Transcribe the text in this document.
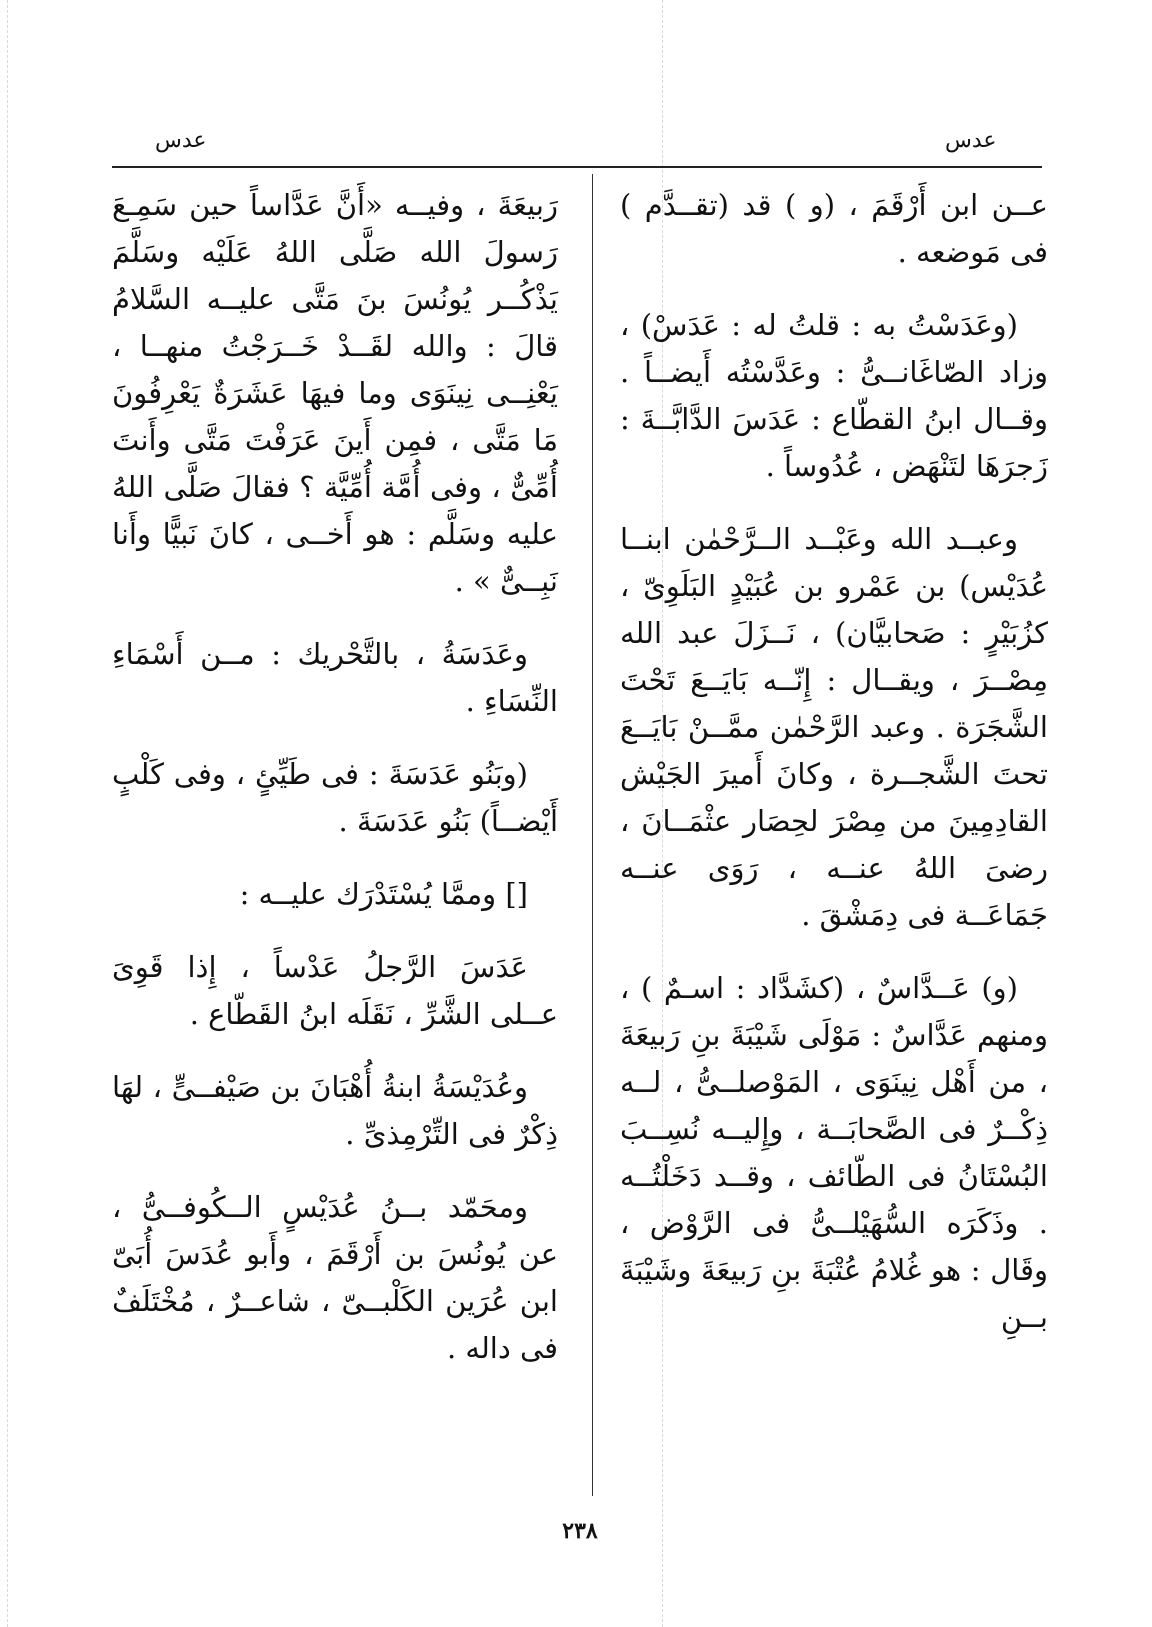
عدس	عدس

عــن ابن أَرْقَمَ ، (و ) قد (تقــدَّم ) فى مَوضعه .

(وعَدَسْتُ به : قلتُ له : عَدَسْ) ، وزاد الصّاغَانــىُّ : وعَدَّسْتُه أَيضــاً . وقــال ابنُ القطّاع : عَدَسَ الدَّابَّــةَ : زَجرَهَا لتَنْهَض ، عُدُوساً .

وعبــد الله وعَبْــد الــرَّحْمٰن ابنــا عُدَيْس) بن عَمْرو بن عُبَيْدٍ البَلَوِىّ ، كزُبَيْرٍ : صَحابيَّان) ، نَــزَلَ عبد الله مِصْــرَ ، ويقــال : إِنّــه بَايَــعَ تَحْتَ الشَّجَرَة . وعبد الرَّحْمٰن ممَّــنْ بَايَــعَ تحتَ الشَّجــرة ، وكانَ أَميرَ الجَيْش القادِمِينَ من مِصْرَ لحِصَار عثْمَــانَ ، رضىَ اللهُ عنــه ، رَوَى عنــه جَمَاعَــة فى دِمَشْقَ .

(و) عَــدَّاسٌ ، (كشَدَّاد : اسـمٌ ) ، ومنهم عَدَّاسٌ : مَوْلَى شَيْبَةَ بنِ رَبيعَةَ ، من أَهْل نِينَوَى ، المَوْصلــىُّ ، لــه ذِكْــرٌ فى الصَّحابَــة ، وإِليــه نُسِــبَ البُسْتَانُ فى الطّائف ، وقــد دَخَلْتُــه . وذَكَرَه السُّهَيْلــىُّ فى الرَّوْض ، وقَال : هو غُلامُ عُتْبَةَ بنِ رَبيعَةَ وشَيْبَةَ بــنِ

رَبيعَةَ ، وفيــه «أَنَّ عَدَّاساً حين سَمِـعَ رَسولَ الله صَلَّى اللهُ عَلَيْه وسَلَّمَ يَذْكُــر يُونُسَ بنَ مَتَّى عليــه السَّلامُ قالَ : والله لقَــدْ خَــرَجْتُ منهــا ، يَعْنِــى نِينَوَى وما فيهَا عَشَرَةٌ يَعْرِفُونَ مَا مَتَّى ، فمِن أَينَ عَرَفْتَ مَتَّى وأَنتَ أُمِّىٌّ ، وفى أُمَّة أُمِّيَّة ؟ فقالَ صَلَّى اللهُ عليه وسَلَّم : هو أَخــى ، كانَ نَبيًّا وأَنا نَبِــىٌّ » .

وعَدَسَةُ ، بالتَّحْريك : مــن أَسْمَاءِ النِّسَاءِ .

(وبَنُو عَدَسَةَ : فى طَيِّئٍ ، وفى كَلْبٍ أَيْضــاً) بَنُو عَدَسَةَ .

[] وممَّا يُسْتَدْرَك عليــه :

عَدَسَ الرَّجلُ عَدْساً ، إِذا قَوِىَ عــلى الشَّرِّ ، نَقَلَه ابنُ القَطّاع .

وعُدَيْسَةُ ابنةُ أُهْبَانَ بن صَيْفــىٍّ ، لهَا ذِكْرٌ فى التِّرْمِذىِّ .

ومحَمّد بــنُ عُدَيْسٍ الــكُوفــىُّ ، عن يُونُسَ بن أَرْقَمَ ، وأَبو عُدَسَ أُبَىّ ابن عُرَين الكَلْبــىّ ، شاعــرٌ ، مُخْتَلَفٌ فى داله .

٢٣٨
